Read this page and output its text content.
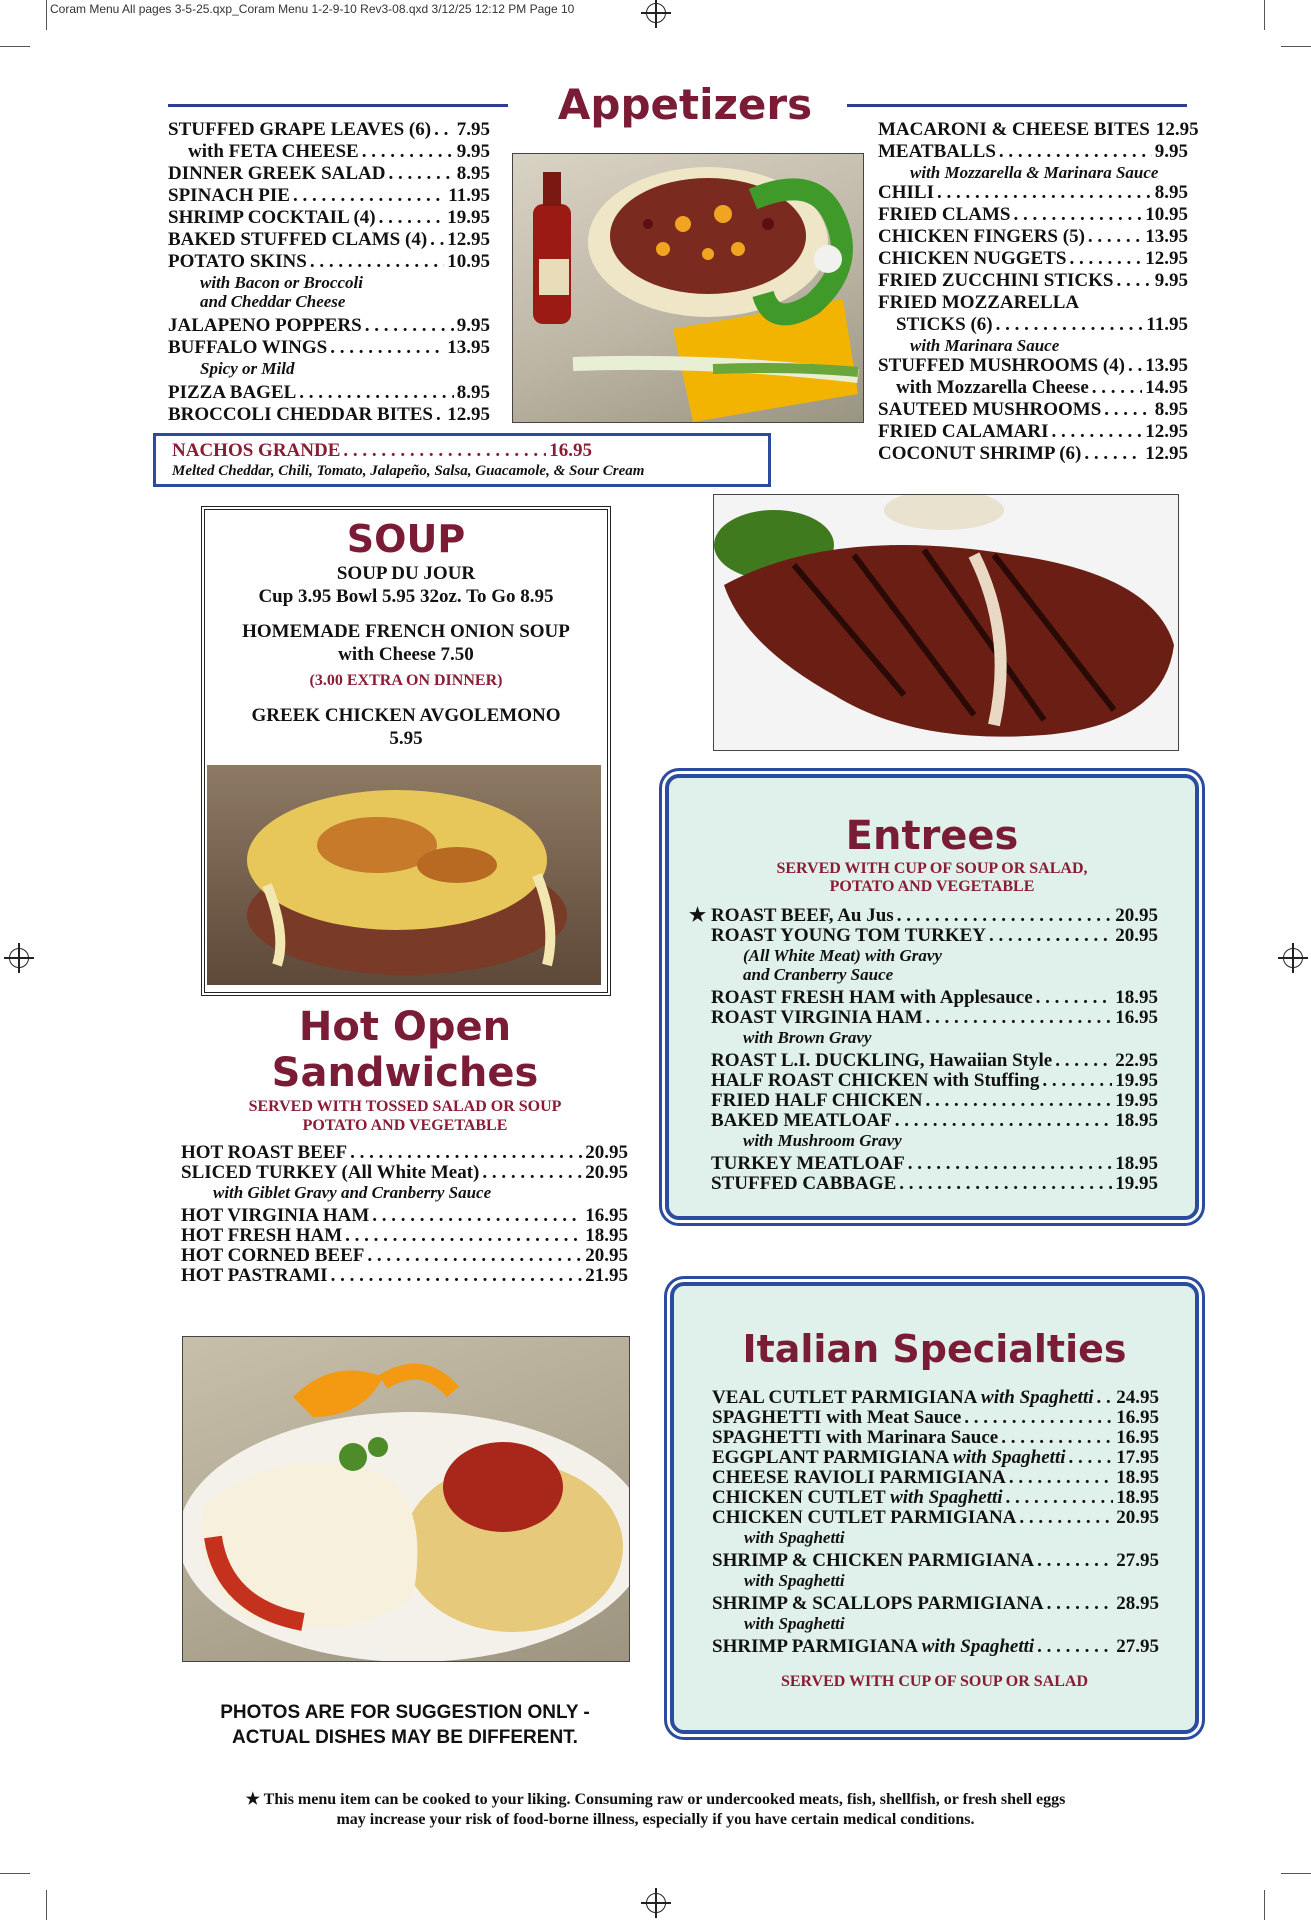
Coram Menu All pages 3-5-25.qxp_Coram Menu 1-2-9-10 Rev3-08.qxd 3/12/25 12:12 PM Page 10
Appetizers
STUFFED GRAPE LEAVES (6) . . . 7.95
with FETA CHEESE . . .	9.95
DINNER GREEK SALAD . . .	8.95
SPINACH PIE . . .	11.95
SHRIMP COCKTAIL (4) . . .	19.95
BAKED STUFFED CLAMS (4) . . . 12.95
POTATO SKINS . . .	10.95
with Bacon or Broccoli
and Cheddar Cheese
JALAPENO POPPERS . . .	9.95
BUFFALO WINGS . . .	13.95
Spicy or Mild
PIZZA BAGEL . . .	8.95
BROCCOLI CHEDDAR BITES . . . 12.95
MACARONI & CHEESE BITES 12.95
MEATBALLS . . .	9.95
with Mozzarella & Marinara Sauce
CHILI . . .	8.95
FRIED CLAMS . . .	10.95
CHICKEN FINGERS (5) . . .	13.95
CHICKEN NUGGETS . . .	12.95
FRIED ZUCCHINI STICKS . . . 9.95
FRIED MOZZARELLA
STICKS (6) . . .	11.95
with Marinara Sauce
STUFFED MUSHROOMS (4) . . . 13.95
with Mozzarella Cheese . . .	14.95
SAUTEED MUSHROOMS . . .	8.95
FRIED CALAMARI . . .	12.95
COCONUT SHRIMP (6) . . .	12.95
NACHOS GRANDE . . .	16.95
Melted Cheddar, Chili, Tomato, Jalapeño, Salsa, Guacamole, & Sour Cream
SOUP
SOUP DU JOUR
Cup 3.95 Bowl 5.95 32oz. To Go 8.95
HOMEMADE FRENCH ONION SOUP
with Cheese 7.50
(3.00 EXTRA ON DINNER)
GREEK CHICKEN AVGOLEMONO
5.95
Hot Open
Sandwiches
SERVED WITH TOSSED SALAD OR SOUP
POTATO AND VEGETABLE
HOT ROAST BEEF . . .	20.95
SLICED TURKEY (All White Meat) . . .	20.95
with Giblet Gravy and Cranberry Sauce
HOT VIRGINIA HAM . . .	16.95
HOT FRESH HAM . . .	18.95
HOT CORNED BEEF . . .	20.95
HOT PASTRAMI . . .	21.95
PHOTOS ARE FOR SUGGESTION ONLY -
ACTUAL DISHES MAY BE DIFFERENT.
Entrees
SERVED WITH CUP OF SOUP OR SALAD,
POTATO AND VEGETABLE
★ ROAST BEEF, Au Jus . . .	20.95
ROAST YOUNG TOM TURKEY . . .	20.95
(All White Meat) with Gravy
and Cranberry Sauce
ROAST FRESH HAM with Applesauce . . .	18.95
ROAST VIRGINIA HAM . . .	16.95
with Brown Gravy
ROAST L.I. DUCKLING, Hawaiian Style . . .	22.95
HALF ROAST CHICKEN with Stuffing . . .	19.95
FRIED HALF CHICKEN . . .	19.95
BAKED MEATLOAF . . .	18.95
with Mushroom Gravy
TURKEY MEATLOAF . . .	18.95
STUFFED CABBAGE . . .	19.95
Italian Specialties
VEAL CUTLET PARMIGIANA with Spaghetti . . . 24.95
SPAGHETTI with Meat Sauce . . .	16.95
SPAGHETTI with Marinara Sauce . . .	16.95
EGGPLANT PARMIGIANA with Spaghetti . . .	17.95
CHEESE RAVIOLI PARMIGIANA . . .	18.95
CHICKEN CUTLET with Spaghetti . . .	18.95
CHICKEN CUTLET PARMIGIANA . . .	20.95
with Spaghetti
SHRIMP & CHICKEN PARMIGIANA . . .	27.95
with Spaghetti
SHRIMP & SCALLOPS PARMIGIANA . . .	28.95
with Spaghetti
SHRIMP PARMIGIANA with Spaghetti . . .	27.95
SERVED WITH CUP OF SOUP OR SALAD
★ This menu item can be cooked to your liking. Consuming raw or undercooked meats, fish, shellfish, or fresh shell eggs
may increase your risk of food-borne illness, especially if you have certain medical conditions.
